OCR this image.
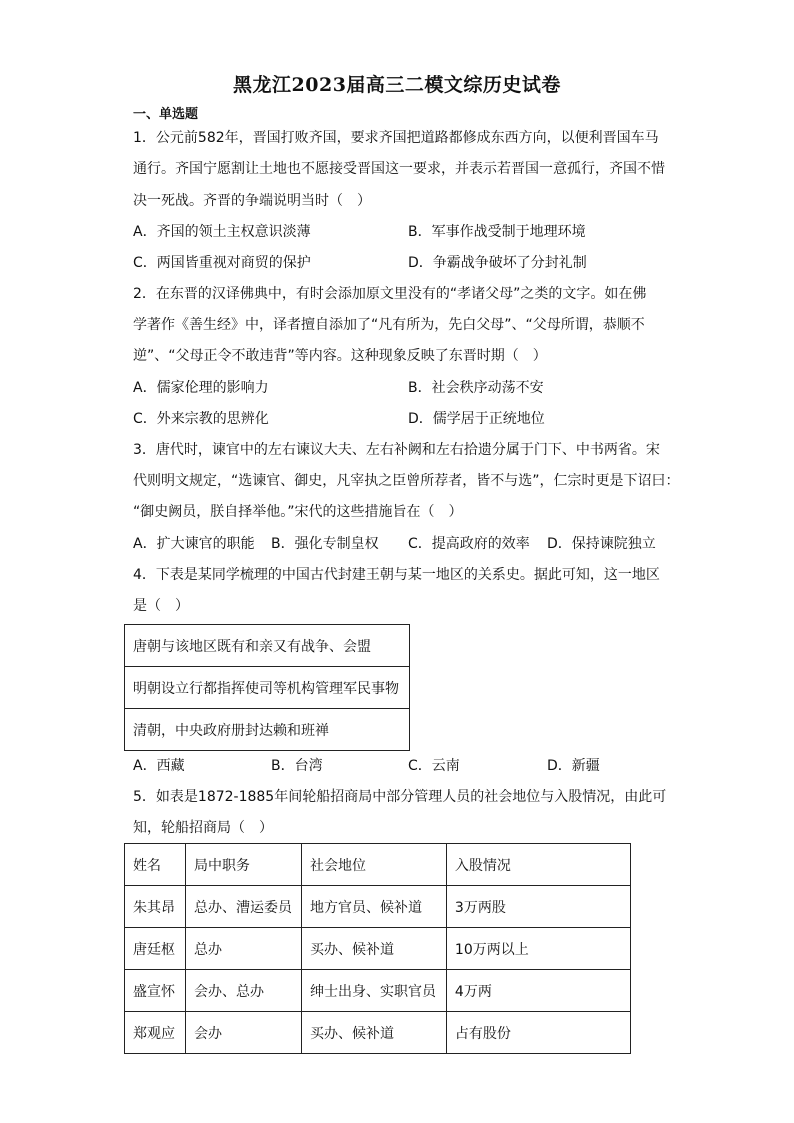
黑龙江2023届高三二模文综历史试卷
一、单选题
1．公元前582年，晋国打败齐国，要求齐国把道路都修成东西方向，以便利晋国车马
通行。齐国宁愿割让土地也不愿接受晋国这一要求，并表示若晋国一意孤行，齐国不惜
决一死战。齐晋的争端说明当时（　）
A．齐国的领土主权意识淡薄	B．军事作战受制于地理环境
C．两国皆重视对商贸的保护	D．争霸战争破坏了分封礼制
2．在东晋的汉译佛典中，有时会添加原文里没有的“孝诸父母”之类的文字。如在佛
学著作《善生经》中，译者擅自添加了“凡有所为，先白父母”、“父母所谓，恭顺不
逆”、“父母正令不敢违背”等内容。这种现象反映了东晋时期（　）
A．儒家伦理的影响力	B．社会秩序动荡不安
C．外来宗教的思辨化	D．儒学居于正统地位
3．唐代时，谏官中的左右谏议大夫、左右补阙和左右拾遗分属于门下、中书两省。宋
代则明文规定，“选谏官、御史，凡宰执之臣曾所荐者，皆不与选”，仁宗时更是下诏曰：
“御史阙员，朕自择举他。”宋代的这些措施旨在（　）
A．扩大谏官的职能 B．强化专制皇权 C．提高政府的效率 D．保持谏院独立
4．下表是某同学梳理的中国古代封建王朝与某一地区的关系史。据此可知，这一地区
是（　）
唐朝与该地区既有和亲又有战争、会盟
明朝设立行都指挥使司等机构管理军民事物
清朝，中央政府册封达赖和班禅
A．西藏	B．台湾	C．云南	D．新疆
5．如表是1872-1885年间轮船招商局中部分管理人员的社会地位与入股情况，由此可
知，轮船招商局（　）
姓名	局中职务	社会地位	入股情况
朱其昂	总办、漕运委员	地方官员、候补道	3万两股
唐廷枢	总办	买办、候补道	10万两以上
盛宣怀	会办、总办	绅士出身、实职官员	4万两
郑观应	会办	买办、候补道	占有股份
